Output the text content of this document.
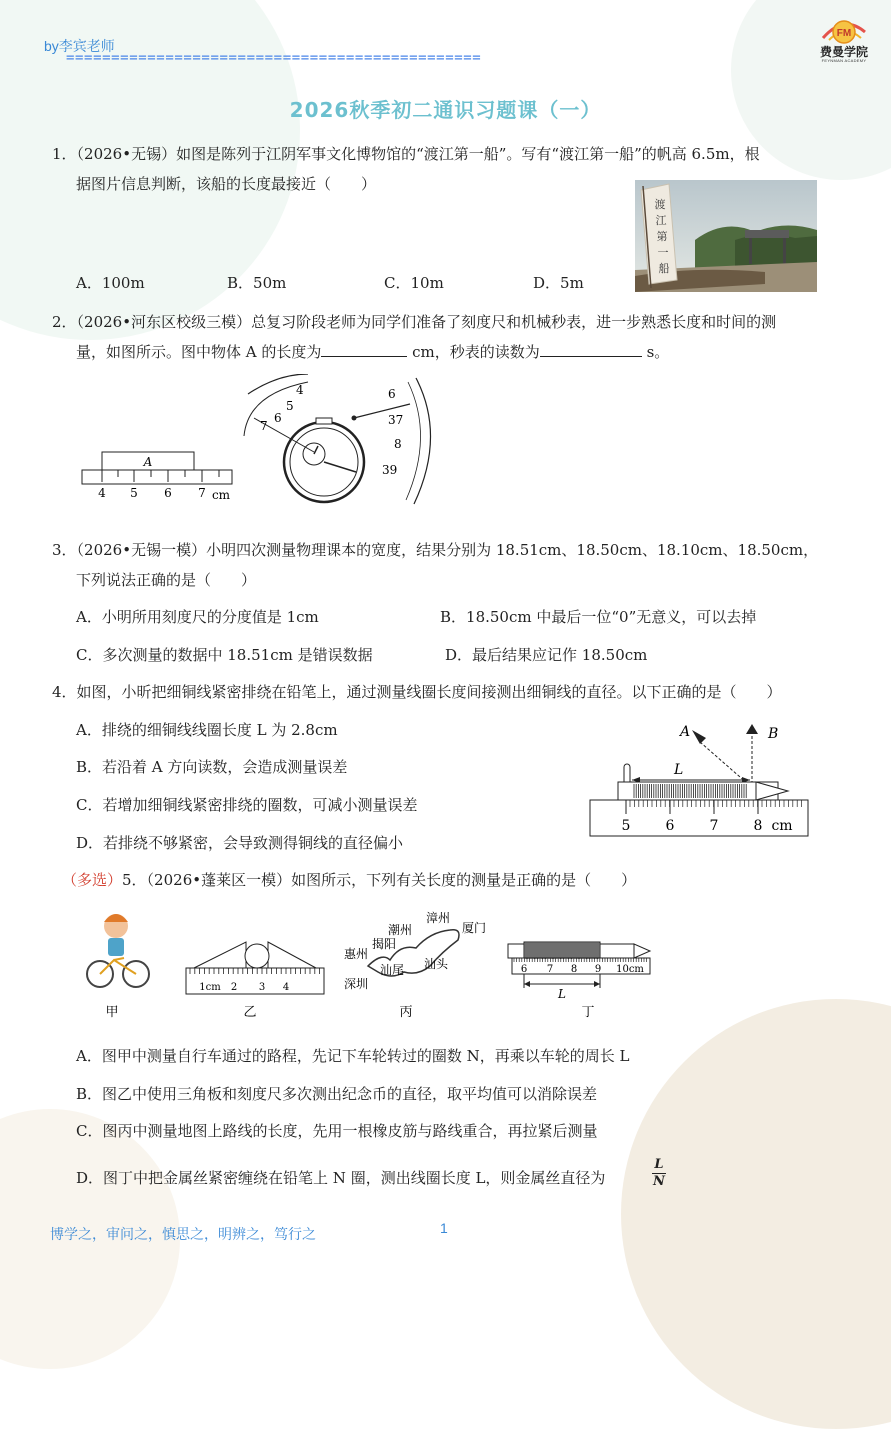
by李宾老师
==============================================
FM
费曼学院
FEYNMAN ACADEMY
2026秋季初二通识习题课（一）
1．（2026•无锡）如图是陈列于江阴军事文化博物馆的“渡江第一船”。写有“渡江第一船”的帆高 6.5m，根
据图片信息判断，该船的长度最接近（　　）
A．100m	B．50m	C．10m	D．5m
渡
江
第
一
船
2．（2026•河东区校级三模）总复习阶段老师为同学们准备了刻度尺和机械秒表，进一步熟悉长度和时间的测
量，如图所示。图中物体 A 的长度为	cm，秒表的读数为	s。
A
4 5 6 7 cm
4
5
6
7
6
37
8
39
3．（2026•无锡一模）小明四次测量物理课本的宽度，结果分别为 18.51cm、18.50cm、18.10cm、18.50cm，
下列说法正确的是（　　）
A．小明所用刻度尺的分度值是 1cm	B．18.50cm 中最后一位“0”无意义，可以去掉
C．多次测量的数据中 18.51cm 是错误数据	D．最后结果应记作 18.50cm
4．如图，小昕把细铜线紧密排绕在铅笔上，通过测量线圈长度间接测出细铜线的直径。以下正确的是（　　）
A．排绕的细铜线线圈长度 L 为 2.8cm
B．若沿着 A 方向读数，会造成测量误差
C．若增加细铜线紧密排绕的圈数，可减小测量误差
D．若排绕不够紧密，会导致测得铜线的直径偏小
A	B
L
5	6	7	8 cm
（多选）5．（2026•蓬莱区一模）如图所示，下列有关长度的测量是正确的是（　　）
甲
1cm 2 3 4
乙
漳州
潮州	厦门
揭阳
惠州
汕尾 汕头
深圳
丙
6 7 8 9 10cm
L
丁
A．图甲中测量自行车通过的路程，先记下车轮转过的圈数 N，再乘以车轮的周长 L
B．图乙中使用三角板和刻度尺多次测出纪念币的直径，取平均值可以消除误差
C．图丙中测量地图上路线的长度，先用一根橡皮筋与路线重合，再拉紧后测量
D．图丁中把金属丝紧密缠绕在铅笔上 N 圈，测出线圈长度 L，则金属丝直径为
L
N
博学之，审问之，慎思之，明辨之，笃行之	1
